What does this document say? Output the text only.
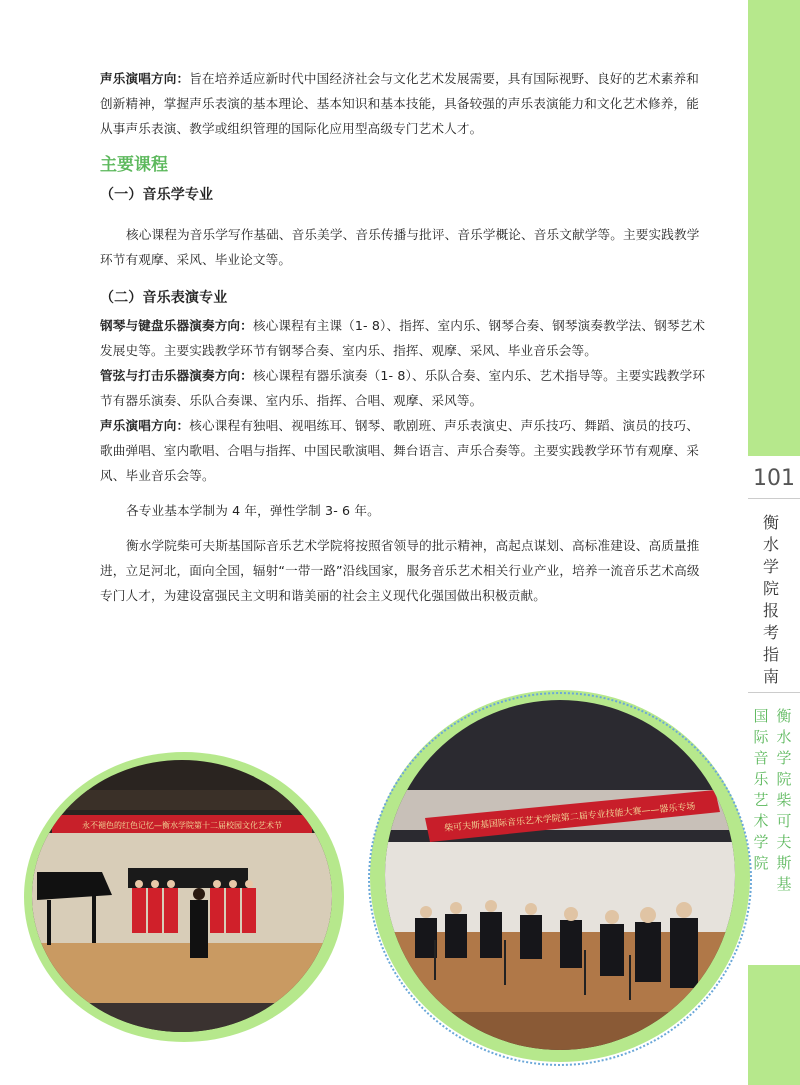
101
衡水学院报考指南
衡水学院柴可夫斯基
国际音乐艺术学院

声乐演唱方向：旨在培养适应新时代中国经济社会与文化艺术发展需要，具有国际视野、良好的艺术素养和创新精神，掌握声乐表演的基本理论、基本知识和基本技能，具备较强的声乐表演能力和文化艺术修养，能从事声乐表演、教学或组织管理的国际化应用型高级专门艺术人才。

主要课程

（一）音乐学专业

核心课程为音乐学写作基础、音乐美学、音乐传播与批评、音乐学概论、音乐文献学等。主要实践教学环节有观摩、采风、毕业论文等。

（二）音乐表演专业

钢琴与键盘乐器演奏方向：核心课程有主课（1- 8）、指挥、室内乐、钢琴合奏、钢琴演奏教学法、钢琴艺术发展史等。主要实践教学环节有钢琴合奏、室内乐、指挥、观摩、采风、毕业音乐会等。

管弦与打击乐器演奏方向：核心课程有器乐演奏（1- 8）、乐队合奏、室内乐、艺术指导等。主要实践教学环节有器乐演奏、乐队合奏课、室内乐、指挥、合唱、观摩、采风等。

声乐演唱方向：核心课程有独唱、视唱练耳、钢琴、歌剧班、声乐表演史、声乐技巧、舞蹈、演员的技巧、歌曲弹唱、室内歌唱、合唱与指挥、中国民歌演唱、舞台语言、声乐合奏等。主要实践教学环节有观摩、采风、毕业音乐会等。

各专业基本学制为 4 年，弹性学制 3- 6 年。

衡水学院柴可夫斯基国际音乐艺术学院将按照省领导的批示精神，高起点谋划、高标准建设、高质量推进，立足河北，面向全国，辐射“一带一路”沿线国家，服务音乐艺术相关行业产业，培养一流音乐艺术高级专门人才，为建设富强民主文明和谐美丽的社会主义现代化强国做出积极贡献。

永不褪色的红色记忆—衡水学院第十二届校园文化艺术节	柴可夫斯基国际音乐艺术学院第二届专业技能大赛——器乐专场
